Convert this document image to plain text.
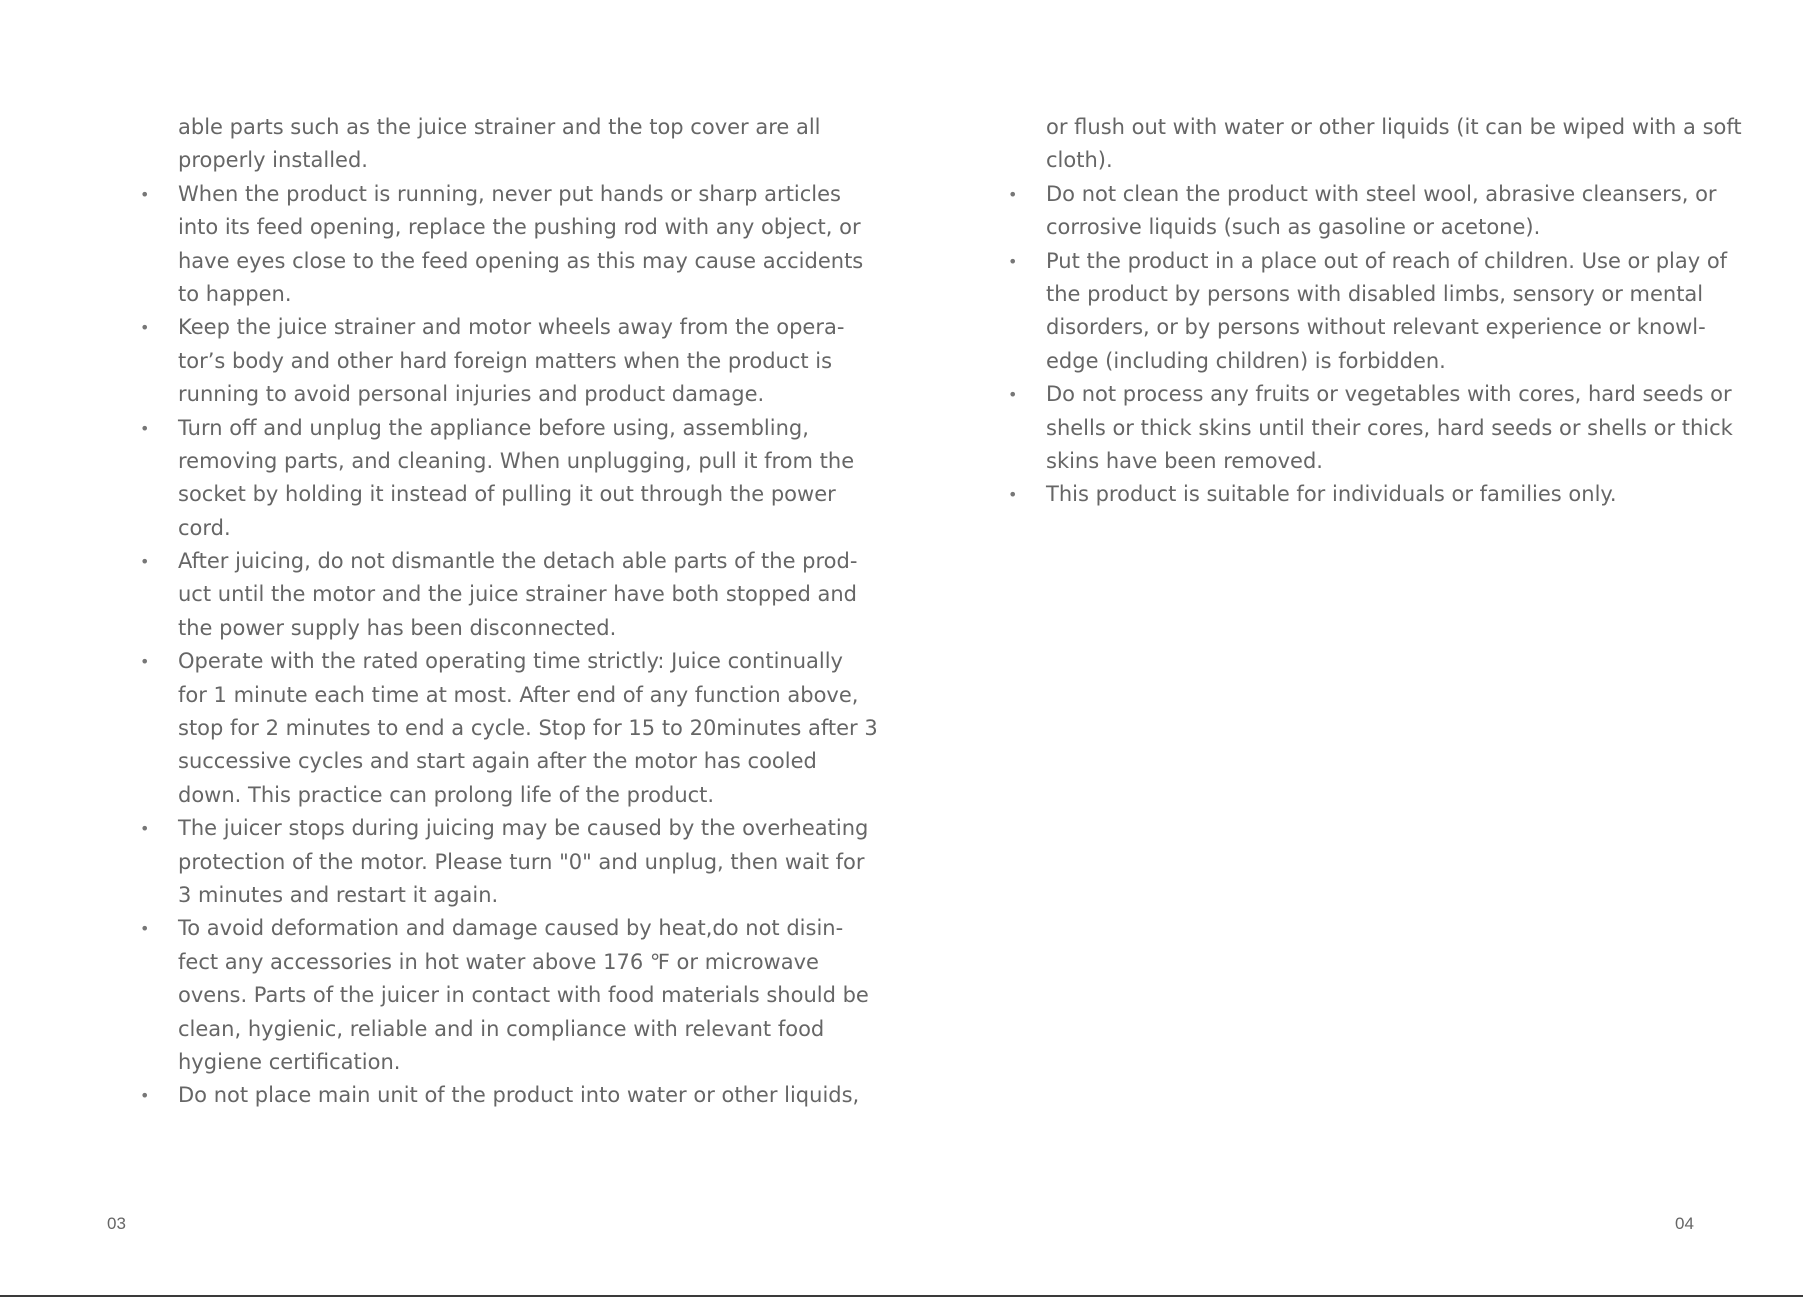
able parts such as the juice strainer and the top cover are all
properly installed.
• When the product is running, never put hands or sharp articles
into its feed opening, replace the pushing rod with any object, or
have eyes close to the feed opening as this may cause accidents
to happen.
• Keep the juice strainer and motor wheels away from the opera-
tor’s body and other hard foreign matters when the product is
running to avoid personal injuries and product damage.
• Turn off and unplug the appliance before using, assembling,
removing parts, and cleaning. When unplugging, pull it from the
socket by holding it instead of pulling it out through the power
cord.
• After juicing, do not dismantle the detach able parts of the prod-
uct until the motor and the juice strainer have both stopped and
the power supply has been disconnected.
• Operate with the rated operating time strictly: Juice continually
for 1 minute each time at most. After end of any function above,
stop for 2 minutes to end a cycle. Stop for 15 to 20minutes after 3
successive cycles and start again after the motor has cooled
down. This practice can prolong life of the product.
• The juicer stops during juicing may be caused by the overheating
protection of the motor. Please turn "0" and unplug, then wait for
3 minutes and restart it again.
• To avoid deformation and damage caused by heat,do not disin-
fect any accessories in hot water above 176 ℉ or microwave
ovens. Parts of the juicer in contact with food materials should be
clean, hygienic, reliable and in compliance with relevant food
hygiene certification.
• Do not place main unit of the product into water or other liquids,
03
or flush out with water or other liquids (it can be wiped with a soft
cloth).
• Do not clean the product with steel wool, abrasive cleansers, or
corrosive liquids (such as gasoline or acetone).
• Put the product in a place out of reach of children. Use or play of
the product by persons with disabled limbs, sensory or mental
disorders, or by persons without relevant experience or knowl-
edge (including children) is forbidden.
• Do not process any fruits or vegetables with cores, hard seeds or
shells or thick skins until their cores, hard seeds or shells or thick
skins have been removed.
• This product is suitable for individuals or families only.
04
